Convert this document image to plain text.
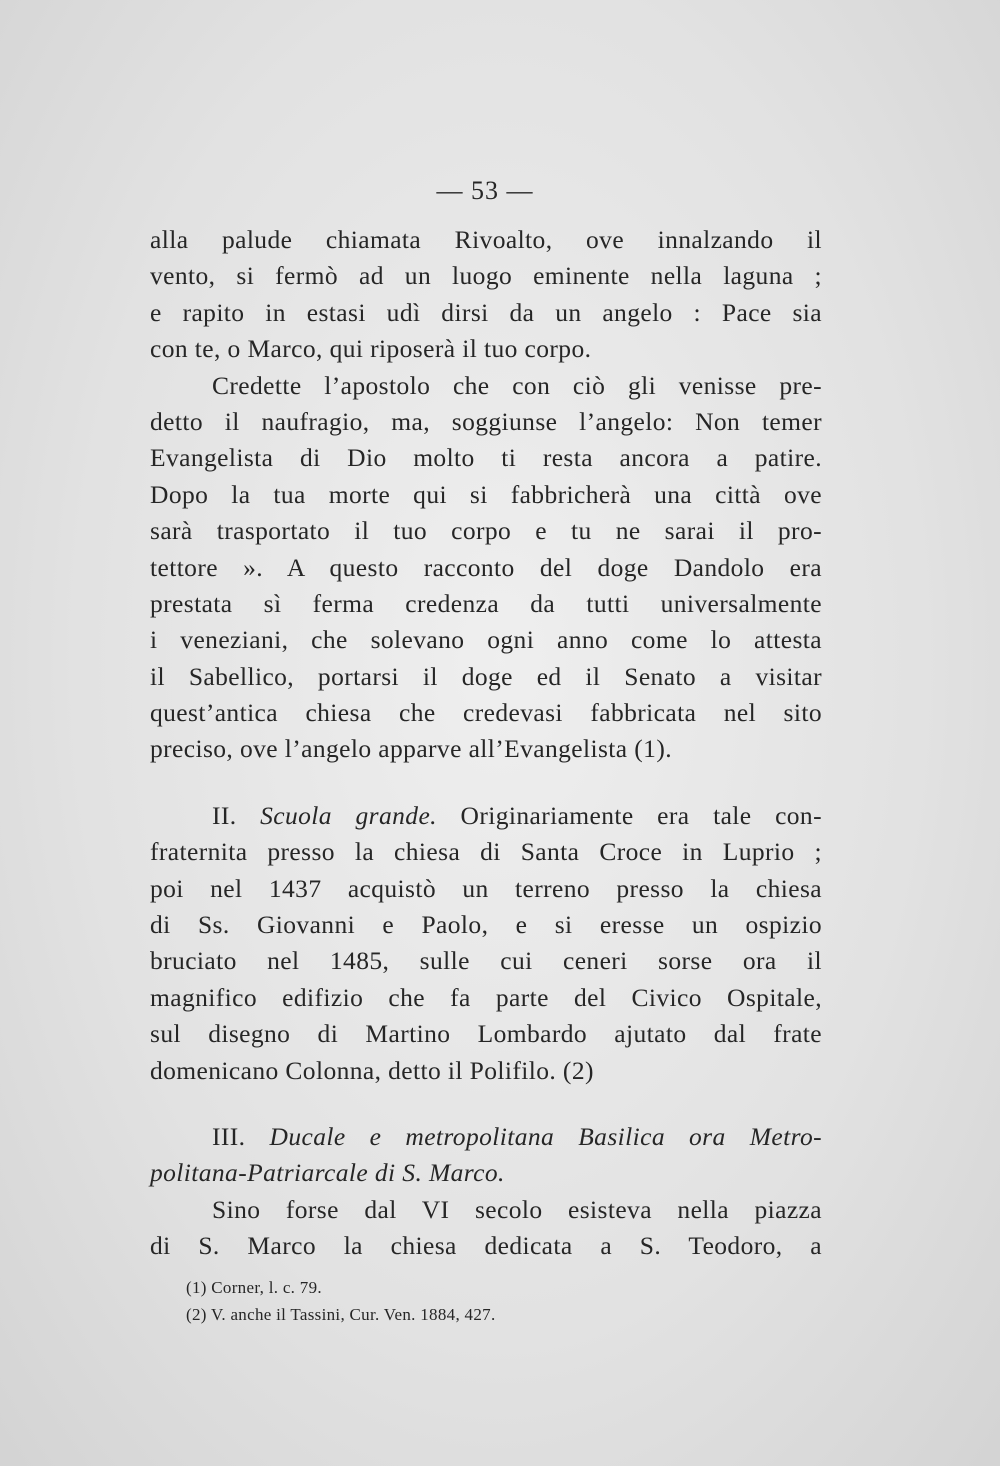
— 53 —
alla palude chiamata Rivoalto, ove innalzando il
vento, si fermò ad un luogo eminente nella laguna ;
e rapito in estasi udì dirsi da un angelo : Pace sia
con te, o Marco, qui riposerà il tuo corpo.
Credette l’apostolo che con ciò gli venisse pre-
detto il naufragio, ma, soggiunse l’angelo: Non temer
Evangelista di Dio molto ti resta ancora a patire.
Dopo la tua morte qui si fabbricherà una città ove
sarà trasportato il tuo corpo e tu ne sarai il pro-
tettore ». A questo racconto del doge Dandolo era
prestata sì ferma credenza da tutti universalmente
i veneziani, che solevano ogni anno come lo attesta
il Sabellico, portarsi il doge ed il Senato a visitar
quest’antica chiesa che credevasi fabbricata nel sito
preciso, ove l’angelo apparve all’Evangelista (1).
II. Scuola grande. Originariamente era tale con-
fraternita presso la chiesa di Santa Croce in Luprio ;
poi nel 1437 acquistò un terreno presso la chiesa
di Ss. Giovanni e Paolo, e si eresse un ospizio
bruciato nel 1485, sulle cui ceneri sorse ora il
magnifico edifizio che fa parte del Civico Ospitale,
sul disegno di Martino Lombardo ajutato dal frate
domenicano Colonna, detto il Polifilo. (2)
III. Ducale e metropolitana Basilica ora Metro-
politana-Patriarcale di S. Marco.
Sino forse dal VI secolo esisteva nella piazza
di S. Marco la chiesa dedicata a S. Teodoro, a
(1) Corner, l. c. 79.
(2) V. anche il Tassini, Cur. Ven. 1884, 427.
